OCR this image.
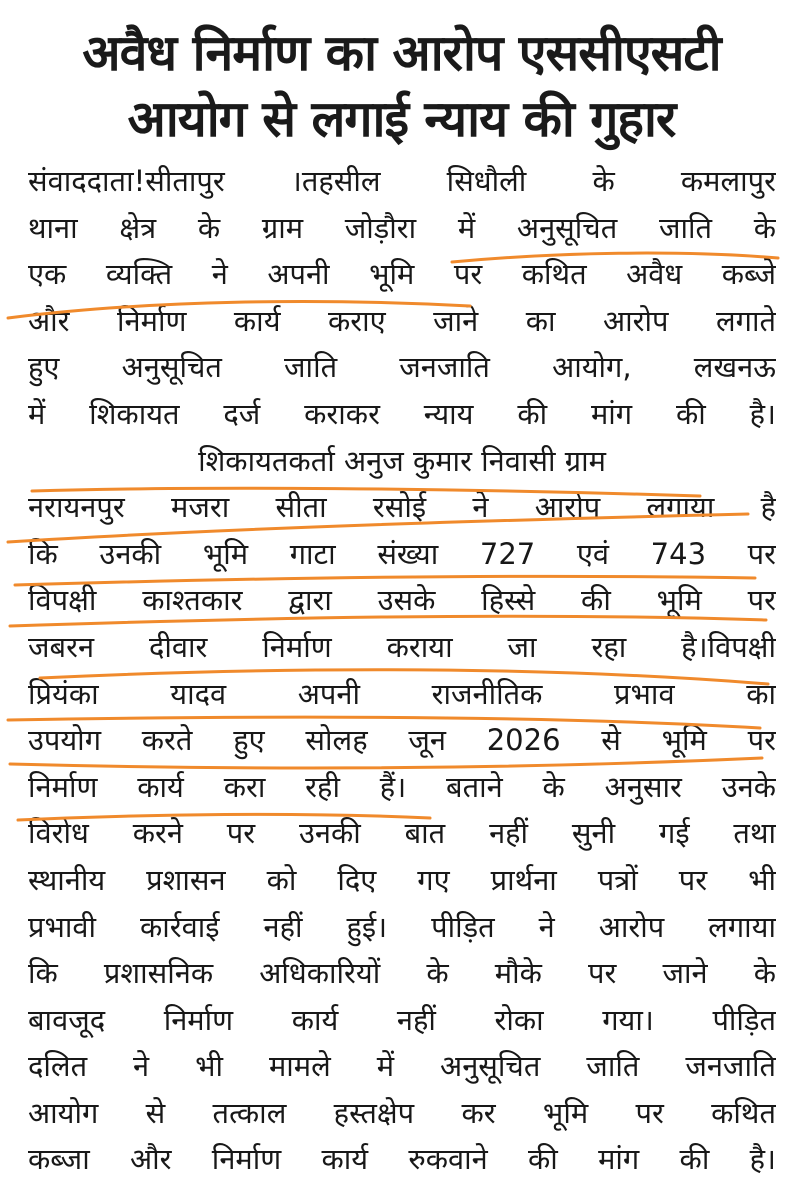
अवैध निर्माण का आरोप एससीएसटी
आयोग से लगाई न्याय की गुहार
संवाददाता!सीतापुर ।तहसील सिधौली के कमलापुर
थाना क्षेत्र के ग्राम जोड़ौरा में अनुसूचित जाति के
एक व्यक्ति ने अपनी भूमि पर कथित अवैध कब्जे
और निर्माण कार्य कराए जाने का आरोप लगाते
हुए अनुसूचित जाति जनजाति आयोग, लखनऊ
में शिकायत दर्ज कराकर न्याय की मांग की है।
शिकायतकर्ता अनुज कुमार निवासी ग्राम
नरायनपुर मजरा सीता रसोई ने आरोप लगाया है
कि उनकी भूमि गाटा संख्या 727 एवं 743 पर
विपक्षी काश्तकार द्वारा उसके हिस्से की भूमि पर
जबरन दीवार निर्माण कराया जा रहा है।विपक्षी
प्रियंका यादव अपनी राजनीतिक प्रभाव का
उपयोग करते हुए सोलह जून 2026 से भूमि पर
निर्माण कार्य करा रही हैं। बताने के अनुसार उनके
विरोध करने पर उनकी बात नहीं सुनी गई तथा
स्थानीय प्रशासन को दिए गए प्रार्थना पत्रों पर भी
प्रभावी कार्रवाई नहीं हुई। पीड़ित ने आरोप लगाया
कि प्रशासनिक अधिकारियों के मौके पर जाने के
बावजूद निर्माण कार्य नहीं रोका गया। पीड़ित
दलित ने भी मामले में अनुसूचित जाति जनजाति
आयोग से तत्काल हस्तक्षेप कर भूमि पर कथित
कब्जा और निर्माण कार्य रुकवाने की मांग की है।
